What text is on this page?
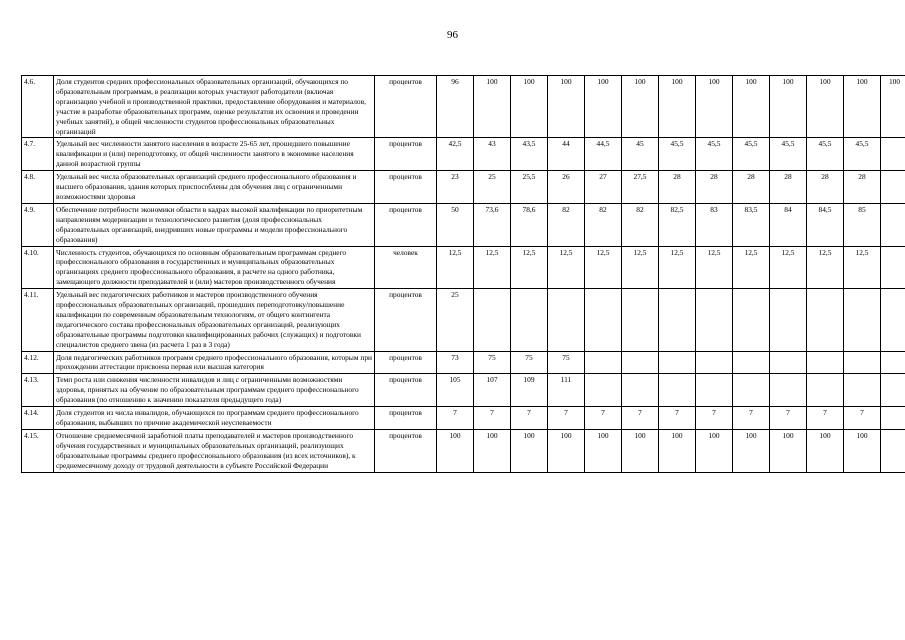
96
4.6.	Доля студентов средних профессиональных образовательных организаций, обучающихся по образовательным программам, в реализации которых участвуют работодатели (включая организацию учебной и производственной практики, предоставление оборудования и материалов, участие в разработке образовательных программ, оценке результатов их освоения и проведении учебных занятий), в общей численности студентов профессиональных образовательных организаций	процентов	96	100	100	100	100	100	100	100	100	100	100	100	100
4.7.	Удельный вес численности занятого населения в возрасте 25-65 лет, прошедшего повышение квалификации и (или) переподготовку, от общей численности занятого в экономике населения данной возрастной группы	процентов	42,5	43	43,5	44	44,5	45	45,5	45,5	45,5	45,5	45,5	45,5	
4.8.	Удельный вес числа образовательных организаций среднего профессионального образования и высшего образования, здания которых приспособлены для обучения лиц с ограниченными возможностями здоровья	процентов	23	25	25,5	26	27	27,5	28	28	28	28	28	28	
4.9.	Обеспечение потребности экономики области в кадрах высокой квалификации по приоритетным направлениям модернизации и технологического развития (доля профессиональных образовательных организаций, внедривших новые программы и модели профессионального образования)	процентов	50	73,6	78,6	82	82	82	82,5	83	83,5	84	84,5	85	
4.10.	Численность студентов, обучающихся по основным образовательным программам среднего профессионального образования в государственных и муниципальных образовательных организациях среднего профессионального образования, в расчете на одного работника, замещающего должности преподавателей и (или) мастеров производственного обучения	человек	12,5	12,5	12,5	12,5	12,5	12,5	12,5	12,5	12,5	12,5	12,5	12,5	
4.11.	Удельный вес педагогических работников и мастеров производственного обучения профессиональных образовательных организаций, прошедших переподготовку/повышение квалификации по современным образовательным технологиям, от общего контингента педагогического состава профессиональных образовательных организаций, реализующих образовательные программы подготовки квалифицированных рабочих (служащих) и подготовки специалистов среднего звена (из расчета 1 раз в 3 года)	процентов	25												
4.12.	Доля педагогических работников программ среднего профессионального образования, которым при прохождении аттестации присвоена первая или высшая категория	процентов	73	75	75	75									
4.13.	Темп роста или снижения численности инвалидов и лиц с ограниченными возможностями здоровья, принятых на обучение по образовательным программам среднего профессионального образования (по отношению к значению показателя предыдущего года)	процентов	105	107	109	111									
4.14.	Доля студентов из числа инвалидов, обучающихся по программам среднего профессионального образования, выбывших по причине академической неуспеваемости	процентов	7	7	7	7	7	7	7	7	7	7	7	7	
4.15.	Отношение среднемесячной заработной платы преподавателей и мастеров производственного обучения государственных и муниципальных образовательных организаций, реализующих образовательные программы среднего профессионального образования (из всех источников), к среднемесячному доходу от трудовой деятельности в субъекте Российской Федерации	процентов	100	100	100	100	100	100	100	100	100	100	100	100	
